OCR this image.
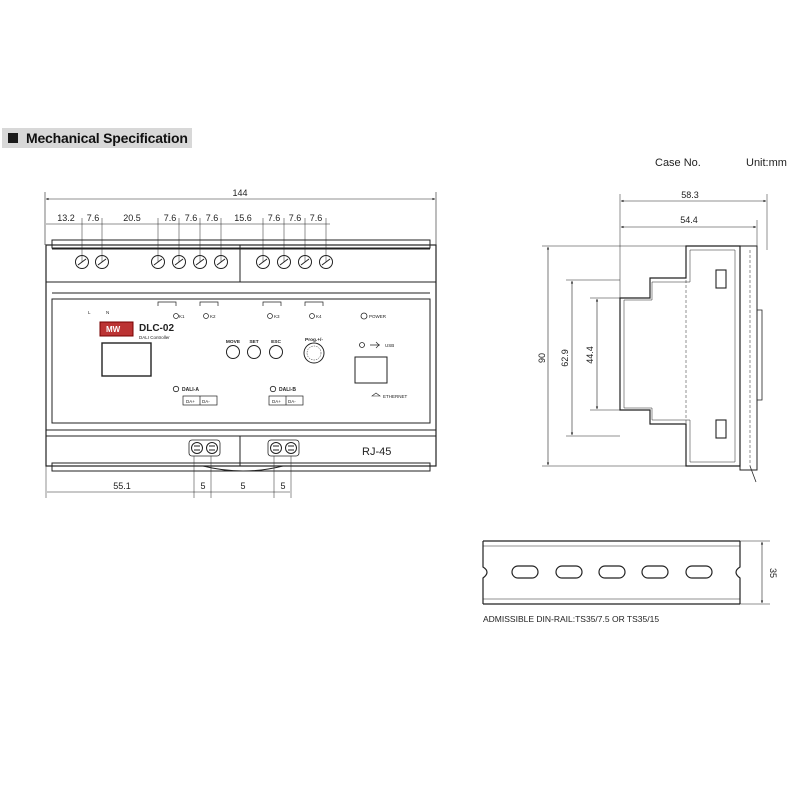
Mechanical Specification
Case No.	Unit:mm
144
13.2 7.6	20.5	7.6 7.6 7.6 15.6 7.6 7.6 7.6
L	N
K1	K2	K3	K4
MW DLC-02
DALI Controller
MOVE SET	ESC	Prog.+/-
POWER
USB
DALI-A	DALI-B
DA+ DA-	DA+ DA-
ETHERNET
RJ-45
55.1	5	5	5
58.3
54.4
90 62.9 44.4
35
ADMISSIBLE DIN-RAIL:TS35/7.5 OR TS35/15
